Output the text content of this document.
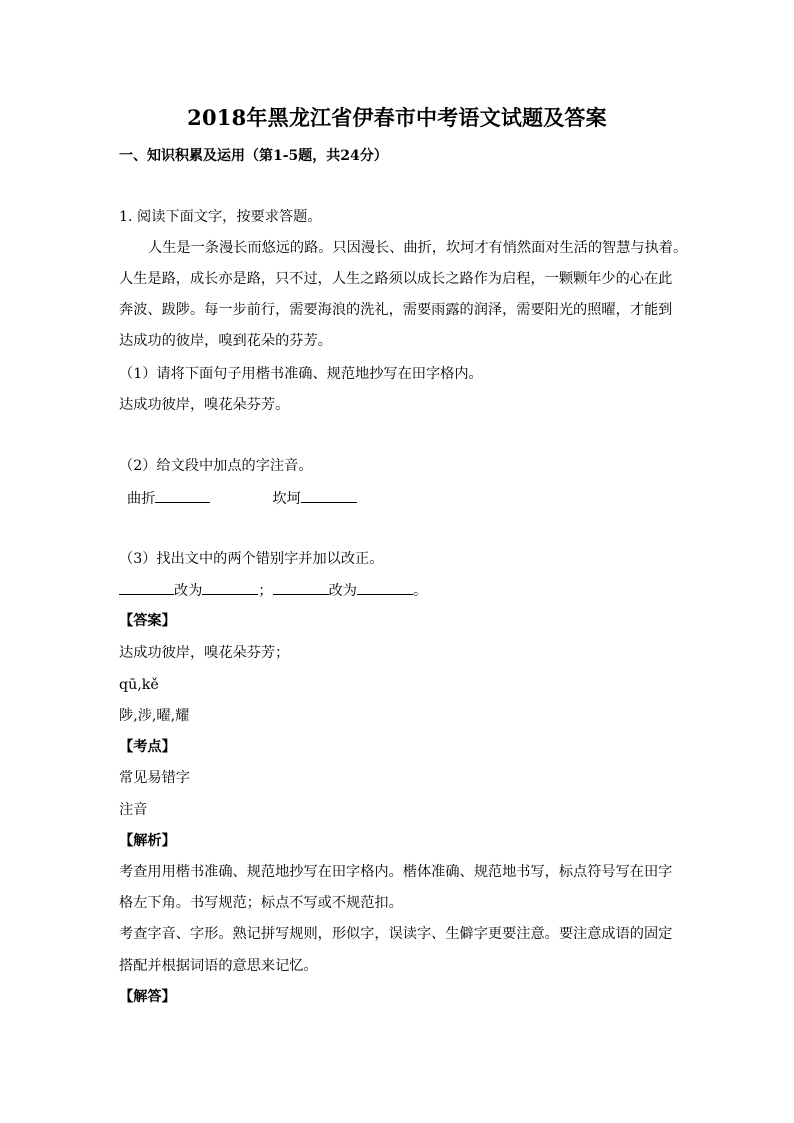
2018年黑龙江省伊春市中考语文试题及答案
一、知识积累及运用（第1-5题，共24分）
1. 阅读下面文字，按要求答题。
人生是一条漫长而悠远的路。只因漫长、曲折，坎坷才有悄然面对生活的智慧与执着。
人生是路，成长亦是路，只不过，人生之路须以成长之路作为启程，一颗颗年少的心在此
奔波、跋陟。每一步前行，需要海浪的洗礼，需要雨露的润泽，需要阳光的照曜，才能到
达成功的彼岸，嗅到花朵的芬芳。
（1）请将下面句子用楷书准确、规范地抄写在田字格内。
达成功彼岸，嗅花朵芬芳。
（2）给文段中加点的字注音。
曲折	坎坷
（3）找出文中的两个错别字并加以改正。
改为	；	改为	。
【答案】
达成功彼岸，嗅花朵芬芳；
qū,kě
陟,涉,曜,耀
【考点】
常见易错字
注音
【解析】
考查用用楷书准确、规范地抄写在田字格内。楷体准确、规范地书写，标点符号写在田字
格左下角。书写规范；标点不写或不规范扣。
考查字音、字形。熟记拼写规则，形似字，误读字、生僻字更要注意。要注意成语的固定
搭配并根据词语的意思来记忆。
【解答】
